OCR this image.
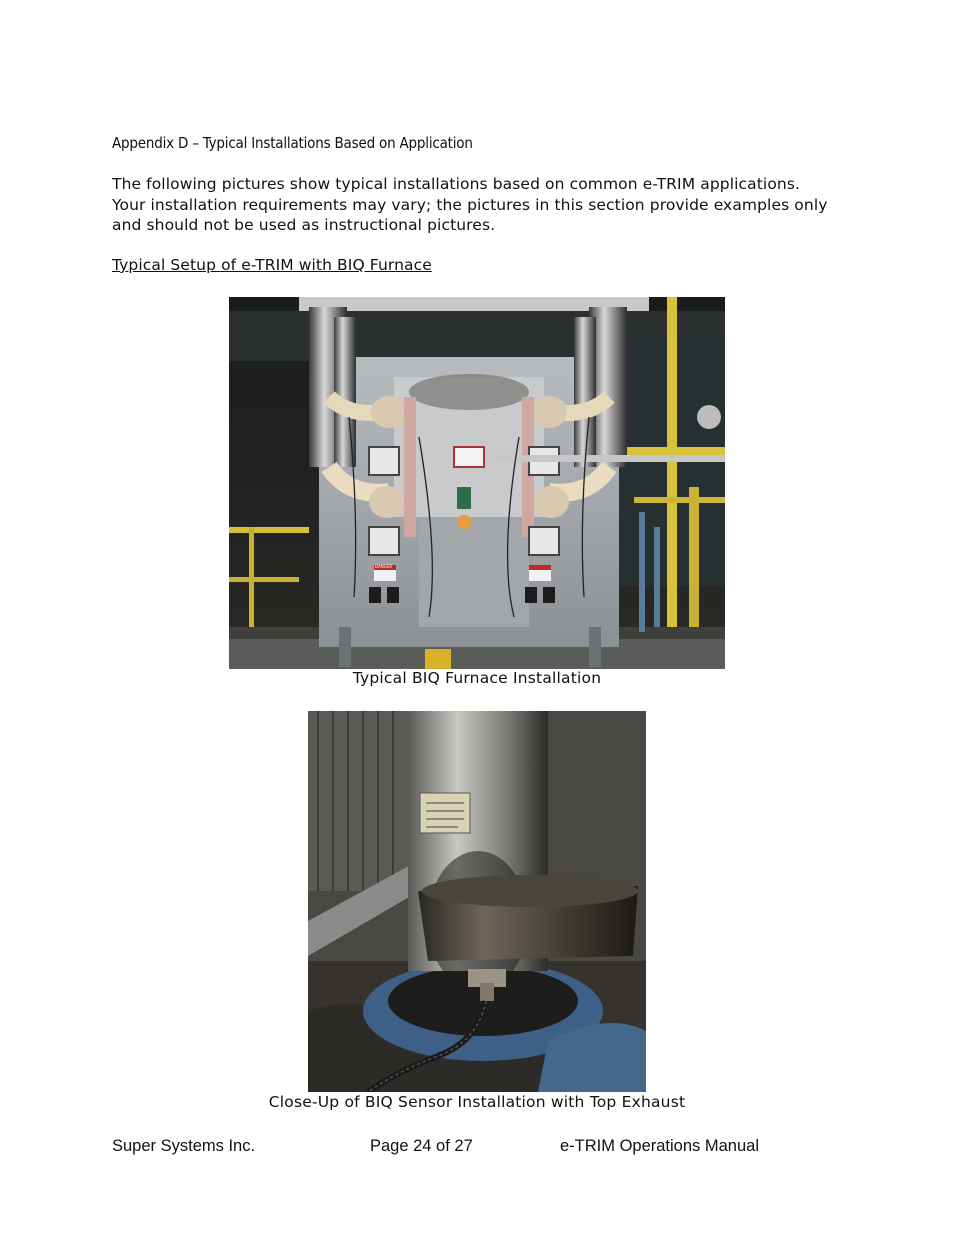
Appendix D – Typical Installations Based on Application
The following pictures show typical installations based on common e-TRIM applications. Your installation requirements may vary; the pictures in this section provide examples only and should not be used as instructional pictures.
Typical Setup of e-TRIM with BIQ Furnace
DANGER
Typical BIQ Furnace Installation
Close-Up of BIQ Sensor Installation with Top Exhaust
Super Systems Inc.	Page 24 of 27	e-TRIM Operations Manual
